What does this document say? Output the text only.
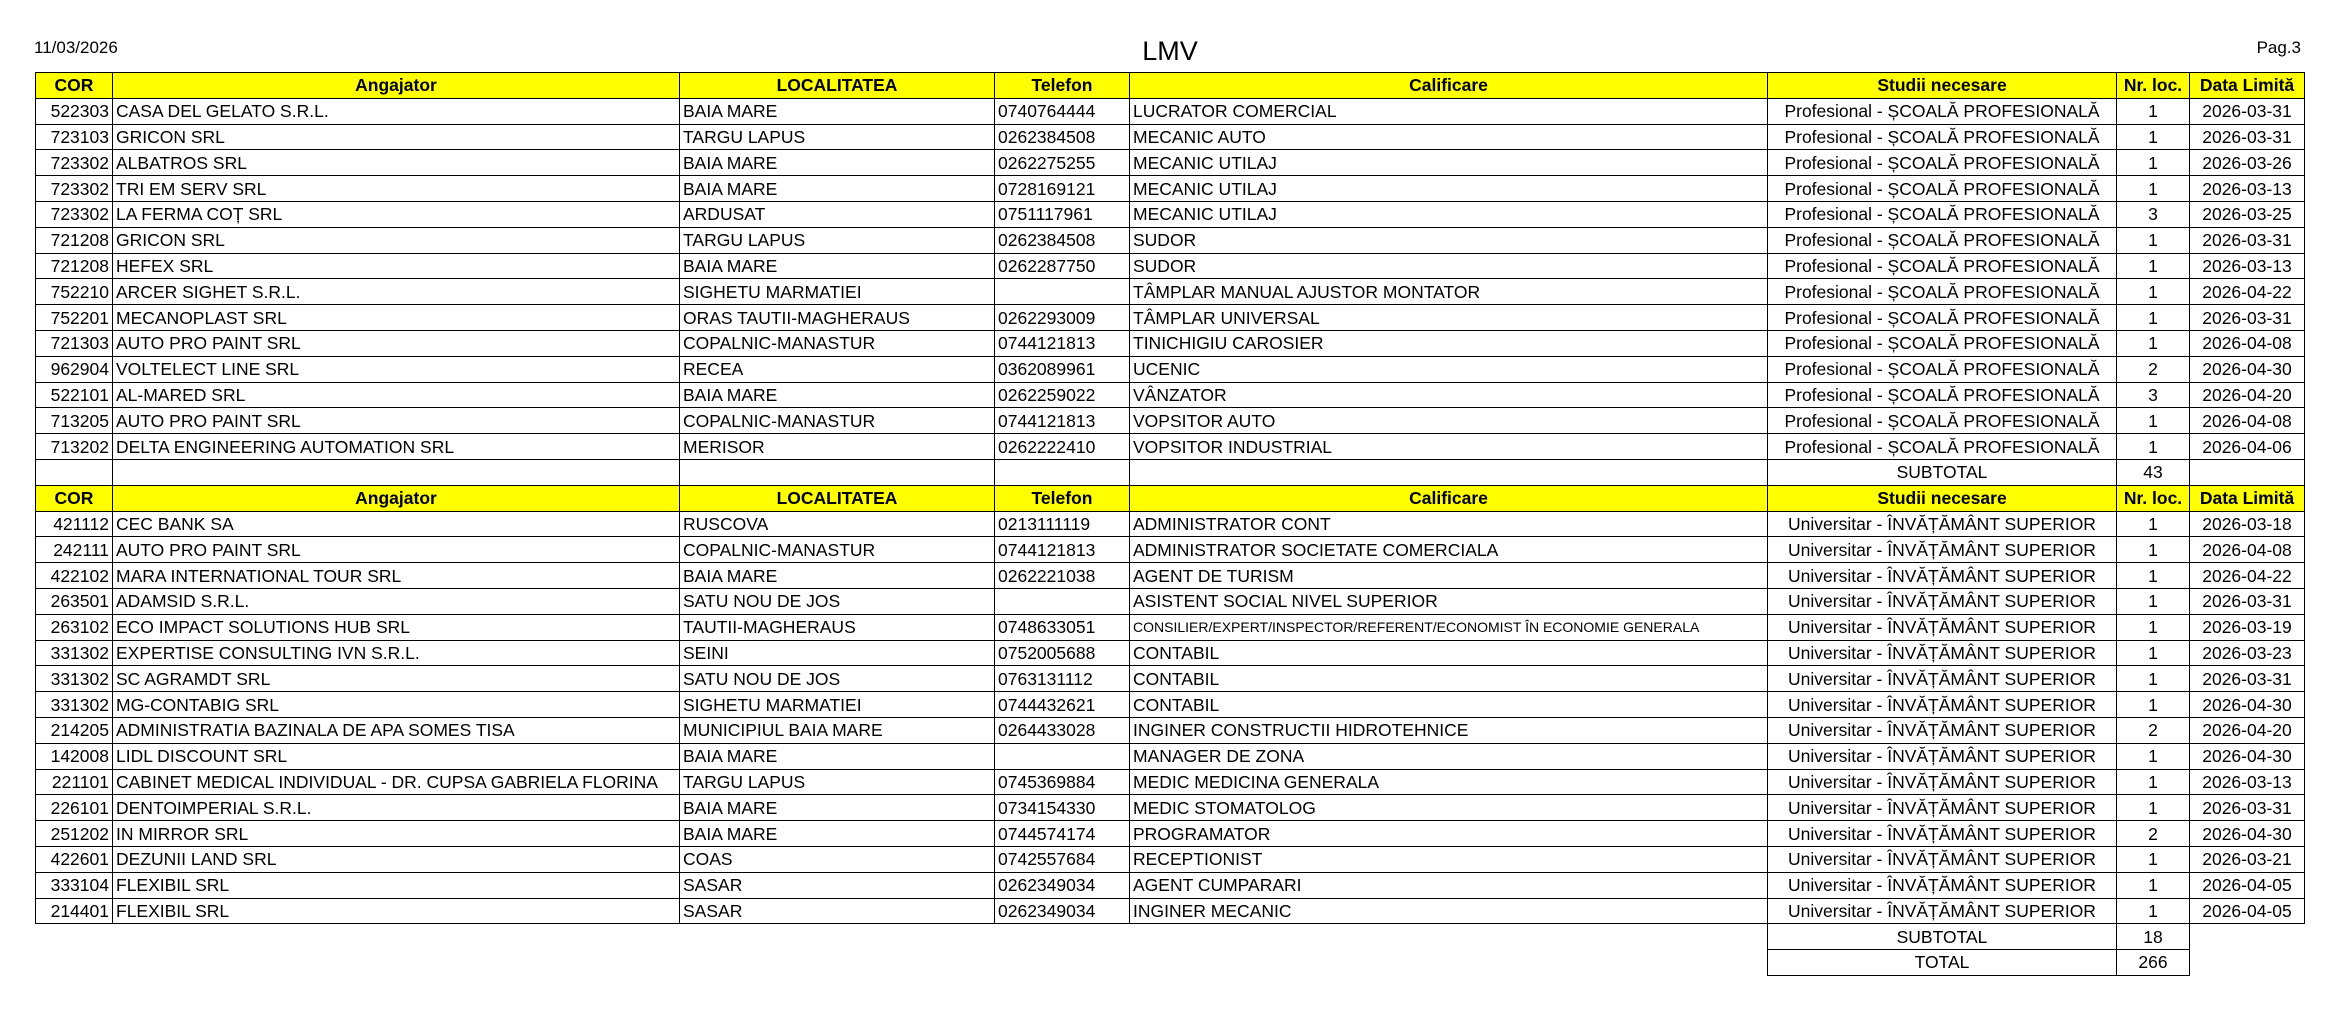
11/03/2026	LMV	Pag.3
COR	Angajator	LOCALITATEA	Telefon	Calificare	Studii necesare	Nr. loc.	Data Limită
522303	CASA DEL GELATO S.R.L.	BAIA MARE	0740764444	LUCRATOR COMERCIAL	Profesional - ȘCOALĂ PROFESIONALĂ	1	2026-03-31
723103	GRICON SRL	TARGU LAPUS	0262384508	MECANIC AUTO	Profesional - ȘCOALĂ PROFESIONALĂ	1	2026-03-31
723302	ALBATROS SRL	BAIA MARE	0262275255	MECANIC UTILAJ	Profesional - ȘCOALĂ PROFESIONALĂ	1	2026-03-26
723302	TRI EM SERV SRL	BAIA MARE	0728169121	MECANIC UTILAJ	Profesional - ȘCOALĂ PROFESIONALĂ	1	2026-03-13
723302	LA FERMA COȚ SRL	ARDUSAT	0751117961	MECANIC UTILAJ	Profesional - ȘCOALĂ PROFESIONALĂ	3	2026-03-25
721208	GRICON SRL	TARGU LAPUS	0262384508	SUDOR	Profesional - ȘCOALĂ PROFESIONALĂ	1	2026-03-31
721208	HEFEX SRL	BAIA MARE	0262287750	SUDOR	Profesional - ȘCOALĂ PROFESIONALĂ	1	2026-03-13
752210	ARCER SIGHET S.R.L.	SIGHETU MARMATIEI		TÂMPLAR MANUAL AJUSTOR MONTATOR	Profesional - ȘCOALĂ PROFESIONALĂ	1	2026-04-22
752201	MECANOPLAST SRL	ORAS TAUTII-MAGHERAUS	0262293009	TÂMPLAR UNIVERSAL	Profesional - ȘCOALĂ PROFESIONALĂ	1	2026-03-31
721303	AUTO PRO PAINT SRL	COPALNIC-MANASTUR	0744121813	TINICHIGIU CAROSIER	Profesional - ȘCOALĂ PROFESIONALĂ	1	2026-04-08
962904	VOLTELECT LINE SRL	RECEA	0362089961	UCENIC	Profesional - ȘCOALĂ PROFESIONALĂ	2	2026-04-30
522101	AL-MARED SRL	BAIA MARE	0262259022	VÂNZATOR	Profesional - ȘCOALĂ PROFESIONALĂ	3	2026-04-20
713205	AUTO PRO PAINT SRL	COPALNIC-MANASTUR	0744121813	VOPSITOR AUTO	Profesional - ȘCOALĂ PROFESIONALĂ	1	2026-04-08
713202	DELTA ENGINEERING AUTOMATION SRL	MERISOR	0262222410	VOPSITOR INDUSTRIAL	Profesional - ȘCOALĂ PROFESIONALĂ	1	2026-04-06
					SUBTOTAL	43	
COR	Angajator	LOCALITATEA	Telefon	Calificare	Studii necesare	Nr. loc.	Data Limită
421112	CEC BANK SA	RUSCOVA	0213111119	ADMINISTRATOR CONT	Universitar - ÎNVĂȚĂMÂNT SUPERIOR	1	2026-03-18
242111	AUTO PRO PAINT SRL	COPALNIC-MANASTUR	0744121813	ADMINISTRATOR SOCIETATE COMERCIALA	Universitar - ÎNVĂȚĂMÂNT SUPERIOR	1	2026-04-08
422102	MARA INTERNATIONAL TOUR SRL	BAIA MARE	0262221038	AGENT DE TURISM	Universitar - ÎNVĂȚĂMÂNT SUPERIOR	1	2026-04-22
263501	ADAMSID S.R.L.	SATU NOU DE JOS		ASISTENT SOCIAL NIVEL SUPERIOR	Universitar - ÎNVĂȚĂMÂNT SUPERIOR	1	2026-03-31
263102	ECO IMPACT SOLUTIONS HUB SRL	TAUTII-MAGHERAUS	0748633051	CONSILIER/EXPERT/INSPECTOR/REFERENT/ECONOMIST ÎN ECONOMIE GENERALA	Universitar - ÎNVĂȚĂMÂNT SUPERIOR	1	2026-03-19
331302	EXPERTISE CONSULTING IVN S.R.L.	SEINI	0752005688	CONTABIL	Universitar - ÎNVĂȚĂMÂNT SUPERIOR	1	2026-03-23
331302	SC AGRAMDT SRL	SATU NOU DE JOS	0763131112	CONTABIL	Universitar - ÎNVĂȚĂMÂNT SUPERIOR	1	2026-03-31
331302	MG-CONTABIG SRL	SIGHETU MARMATIEI	0744432621	CONTABIL	Universitar - ÎNVĂȚĂMÂNT SUPERIOR	1	2026-04-30
214205	ADMINISTRATIA BAZINALA DE APA SOMES TISA	MUNICIPIUL BAIA MARE	0264433028	INGINER CONSTRUCTII HIDROTEHNICE	Universitar - ÎNVĂȚĂMÂNT SUPERIOR	2	2026-04-20
142008	LIDL DISCOUNT SRL	BAIA MARE		MANAGER DE ZONA	Universitar - ÎNVĂȚĂMÂNT SUPERIOR	1	2026-04-30
221101	CABINET MEDICAL INDIVIDUAL - DR. CUPSA GABRIELA FLORINA	TARGU LAPUS	0745369884	MEDIC MEDICINA GENERALA	Universitar - ÎNVĂȚĂMÂNT SUPERIOR	1	2026-03-13
226101	DENTOIMPERIAL S.R.L.	BAIA MARE	0734154330	MEDIC STOMATOLOG	Universitar - ÎNVĂȚĂMÂNT SUPERIOR	1	2026-03-31
251202	IN MIRROR SRL	BAIA MARE	0744574174	PROGRAMATOR	Universitar - ÎNVĂȚĂMÂNT SUPERIOR	2	2026-04-30
422601	DEZUNII LAND SRL	COAS	0742557684	RECEPTIONIST	Universitar - ÎNVĂȚĂMÂNT SUPERIOR	1	2026-03-21
333104	FLEXIBIL SRL	SASAR	0262349034	AGENT CUMPARARI	Universitar - ÎNVĂȚĂMÂNT SUPERIOR	1	2026-04-05
214401	FLEXIBIL SRL	SASAR	0262349034	INGINER MECANIC	Universitar - ÎNVĂȚĂMÂNT SUPERIOR	1	2026-04-05
					SUBTOTAL	18	
					TOTAL	266	
